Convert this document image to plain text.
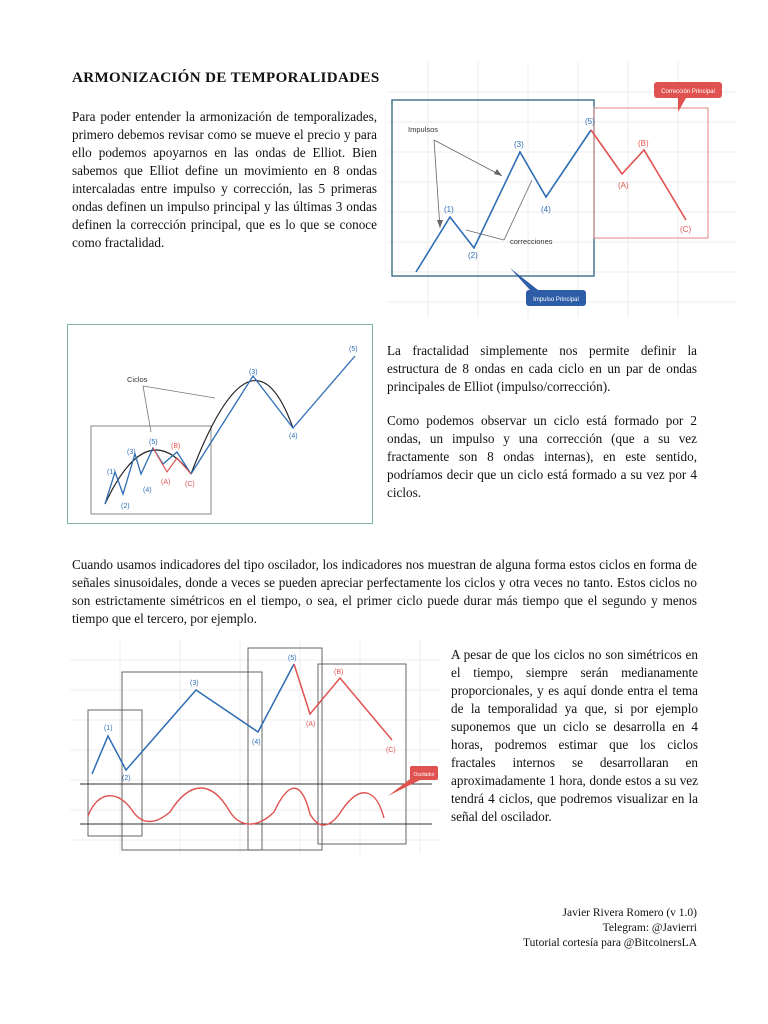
ARMONIZACIÓN DE TEMPORALIDADES

Para poder entender la armonización de temporalizades, primero debemos revisar como se mueve el precio y para ello podemos apoyarnos en las ondas de Elliot. Bien sabemos que Elliot define un movimiento en 8 ondas intercaladas entre impulso y corrección, las 5 primeras ondas definen un impulso principal y las últimas 3 ondas definen la corrección principal, que es lo que se conoce como fractalidad.

Impulsos
correcciones
(1)
(2)
(3)
(4)
(5)
(A)
(B)
(C)
Corrección Principal
Impulso Principal
Ciclos
(1)
(2)
(3)
(4)
(5)
(A)
(B)
(C)
(3)
(4)
(5) La fractalidad simplemente nos permite definir la estructura de 8 ondas en cada ciclo en un par de ondas principales de Elliot (impulso/corrección).

Como podemos observar un ciclo está formado por 2 ondas, un impulso y una corrección (que a su vez fractamente son 8 ondas internas), en este sentido, podríamos decir que un ciclo está formado a su vez por 4 ciclos.

Cuando usamos indicadores del tipo oscilador, los indicadores nos muestran de alguna forma estos ciclos en forma de señales sinusoidales, donde a veces se pueden apreciar perfectamente los ciclos y otra veces no tanto. Estos ciclos no son estrictamente simétricos en el tiempo, o sea, el primer ciclo puede durar más tiempo que el segundo y menos tiempo que el tercero, por ejemplo.

Oscilador
(1)
(2)
(3)
(4)
(5)
(A)
(B)
(C)

A pesar de que los ciclos no son simétricos en el tiempo, siempre serán medianamente proporcionales, y es aquí donde entra el tema de la temporalidad ya que, si por ejemplo suponemos que un ciclo se desarrolla en 4 horas, podremos estimar que los ciclos fractales internos se desarrollaran en aproximadamente 1 hora, donde estos a su vez tendrá 4 ciclos, que podremos visualizar en la señal del oscilador.

Javier Rivera Romero (v 1.0)
Telegram: @Javierri
Tutorial cortesía para @BitcoinersLA
